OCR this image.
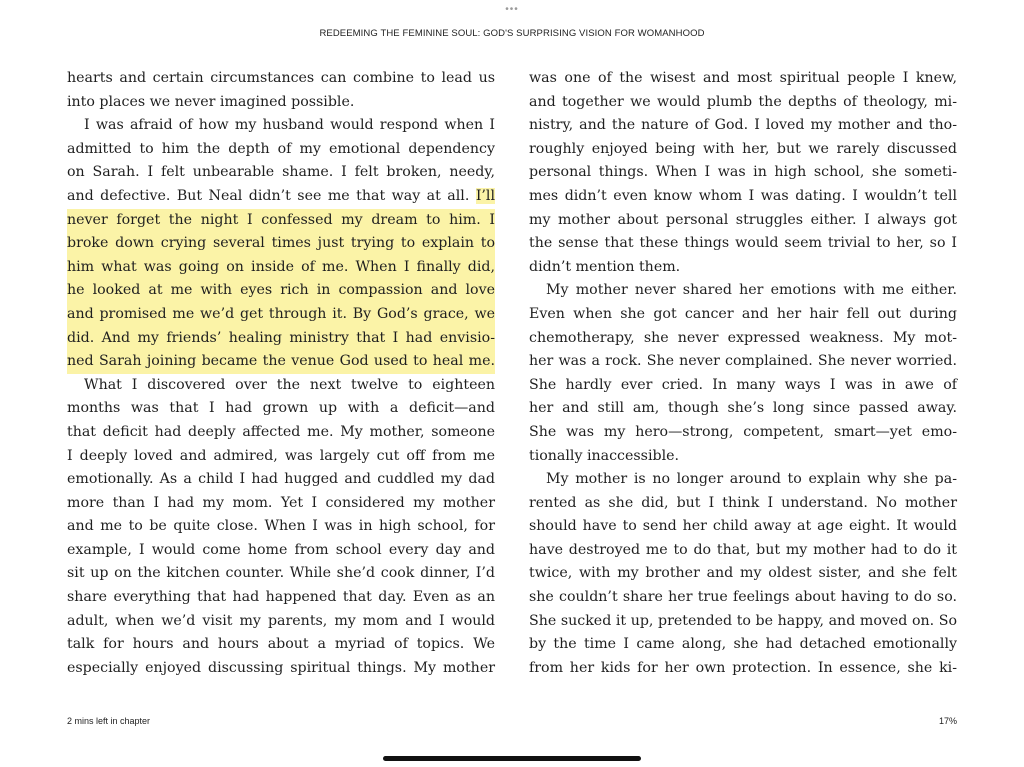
•••
REDEEMING THE FEMININE SOUL: GOD'S SURPRISING VISION FOR WOMANHOOD
hearts and certain circumstances can combine to lead us
into places we never imagined possible.
I was afraid of how my husband would respond when I
admitted to him the depth of my emotional dependency
on Sarah. I felt unbearable shame. I felt broken, needy,
and defective. But Neal didn’t see me that way at all. I’ll
never forget the night I confessed my dream to him. I
broke down crying several times just trying to explain to
him what was going on inside of me. When I finally did,
he looked at me with eyes rich in compassion and love
and promised me we’d get through it. By God’s grace, we
did. And my friends’ healing ministry that I had envisio-
ned Sarah joining became the venue God used to heal me.
What I discovered over the next twelve to eighteen
months was that I had grown up with a deficit—and
that deficit had deeply affected me. My mother, someone
I deeply loved and admired, was largely cut off from me
emotionally. As a child I had hugged and cuddled my dad
more than I had my mom. Yet I considered my mother
and me to be quite close. When I was in high school, for
example, I would come home from school every day and
sit up on the kitchen counter. While she’d cook dinner, I’d
share everything that had happened that day. Even as an
adult, when we’d visit my parents, my mom and I would
talk for hours and hours about a myriad of topics. We
especially enjoyed discussing spiritual things. My mother
was one of the wisest and most spiritual people I knew,
and together we would plumb the depths of theology, mi-
nistry, and the nature of God. I loved my mother and tho-
roughly enjoyed being with her, but we rarely discussed
personal things. When I was in high school, she someti-
mes didn’t even know whom I was dating. I wouldn’t tell
my mother about personal struggles either. I always got
the sense that these things would seem trivial to her, so I
didn’t mention them.
My mother never shared her emotions with me either.
Even when she got cancer and her hair fell out during
chemotherapy, she never expressed weakness. My mot-
her was a rock. She never complained. She never worried.
She hardly ever cried. In many ways I was in awe of
her and still am, though she’s long since passed away.
She was my hero—strong, competent, smart—yet emo-
tionally inaccessible.
My mother is no longer around to explain why she pa-
rented as she did, but I think I understand. No mother
should have to send her child away at age eight. It would
have destroyed me to do that, but my mother had to do it
twice, with my brother and my oldest sister, and she felt
she couldn’t share her true feelings about having to do so.
She sucked it up, pretended to be happy, and moved on. So
by the time I came along, she had detached emotionally
from her kids for her own protection. In essence, she ki-
2 mins left in chapter	17%
